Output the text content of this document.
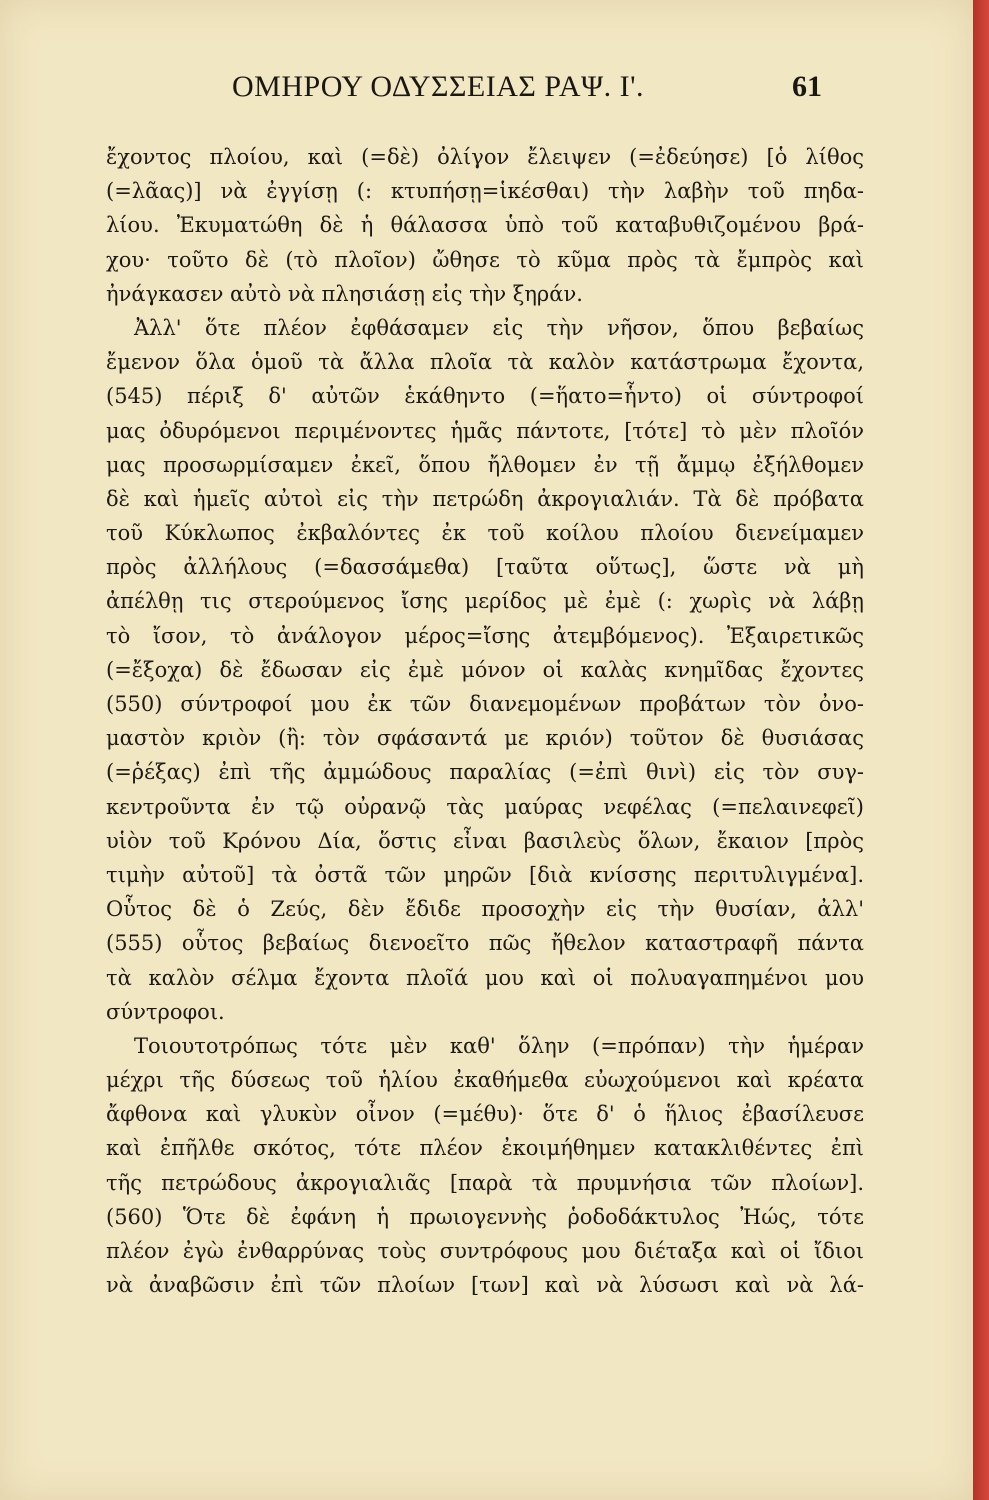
ΟΜΗΡΟΥ ΟΔΥΣΣΕΙΑΣ ΡΑΨ. Ι'.	61
ἔχοντος πλοίου, καὶ (=δὲ) ὀλίγον ἔλειψεν (=ἐδεύησε) [ὁ λίθος
(=λᾶας)] νὰ ἐγγίσῃ (: κτυπήσῃ=ἱκέσθαι) τὴν λαβὴν τοῦ πηδα-
λίου. Ἐκυματώθη δὲ ἡ θάλασσα ὑπὸ τοῦ καταβυθιζομένου βρά-
χου· τοῦτο δὲ (τὸ πλοῖον) ὤθησε τὸ κῦμα πρὸς τὰ ἔμπρὸς καὶ
ἠνάγκασεν αὐτὸ νὰ πλησιάσῃ εἰς τὴν ξηράν.
Ἀλλ' ὅτε πλέον ἐφθάσαμεν εἰς τὴν νῆσον, ὅπου βεβαίως
ἔμενον ὅλα ὁμοῦ τὰ ἄλλα πλοῖα τὰ καλὸν κατάστρωμα ἔχοντα,
(545) πέριξ δ' αὐτῶν ἑκάθηντο (=ἥατο=ἧντο) οἱ σύντροφοί
μας ὀδυρόμενοι περιμένοντες ἡμᾶς πάντοτε, [τότε] τὸ μὲν πλοῖόν
μας προσωρμίσαμεν ἐκεῖ, ὅπου ἤλθομεν ἐν τῇ ἄμμῳ ἐξήλθομεν
δὲ καὶ ἡμεῖς αὐτοὶ εἰς τὴν πετρώδη ἀκρογιαλιάν. Τὰ δὲ πρόβατα
τοῦ Κύκλωπος ἐκβαλόντες ἐκ τοῦ κοίλου πλοίου διενείμαμεν
πρὸς ἀλλήλους (=δασσάμεθα) [ταῦτα οὕτως], ὥστε νὰ μὴ
ἀπέλθῃ τις στερούμενος ἴσης μερίδος μὲ ἐμὲ (: χωρὶς νὰ λάβῃ
τὸ ἴσον, τὸ ἀνάλογον μέρος=ἴσης ἀτεμβόμενος). Ἐξαιρετικῶς
(=ἔξοχα) δὲ ἔδωσαν εἰς ἐμὲ μόνον οἱ καλὰς κνημῖδας ἔχοντες
(550) σύντροφοί μου ἐκ τῶν διανεμομένων προβάτων τὸν ὀνο-
μαστὸν κριὸν (ἢ: τὸν σφάσαντά με κριόν) τοῦτον δὲ θυσιάσας
(=ῥέξας) ἐπὶ τῆς ἀμμώδους παραλίας (=ἐπὶ θινὶ) εἰς τὸν συγ-
κεντροῦντα ἐν τῷ οὐρανῷ τὰς μαύρας νεφέλας (=πελαινεφεῖ)
υἱὸν τοῦ Κρόνου Δία, ὅστις εἶναι βασιλεὺς ὅλων, ἔκαιον [πρὸς
τιμὴν αὐτοῦ] τὰ ὀστᾶ τῶν μηρῶν [διὰ κνίσσης περιτυλιγμένα].
Οὗτος δὲ ὁ Ζεύς, δὲν ἔδιδε προσοχὴν εἰς τὴν θυσίαν, ἀλλ'
(555) οὗτος βεβαίως διενοεῖτο πῶς ἤθελον καταστραφῆ πάντα
τὰ καλὸν σέλμα ἔχοντα πλοῖά μου καὶ οἱ πολυαγαπημένοι μου
σύντροφοι.
Τοιουτοτρόπως τότε μὲν καθ' ὅλην (=πρόπαν) τὴν ἡμέραν
μέχρι τῆς δύσεως τοῦ ἡλίου ἐκαθήμεθα εὐωχούμενοι καὶ κρέατα
ἄφθονα καὶ γλυκὺν οἶνον (=μέθυ)· ὅτε δ' ὁ ἥλιος ἐβασίλευσε
καὶ ἐπῆλθε σκότος, τότε πλέον ἐκοιμήθημεν κατακλιθέντες ἐπὶ
τῆς πετρώδους ἀκρογιαλιᾶς [παρὰ τὰ πρυμνήσια τῶν πλοίων].
(560) Ὅτε δὲ ἐφάνη ἡ πρωιογεννὴς ῥοδοδάκτυλος Ἠώς, τότε
πλέον ἐγὼ ἐνθαρρύνας τοὺς συντρόφους μου διέταξα καὶ οἱ ἴδιοι
νὰ ἀναβῶσιν ἐπὶ τῶν πλοίων [των] καὶ νὰ λύσωσι καὶ νὰ λά-
